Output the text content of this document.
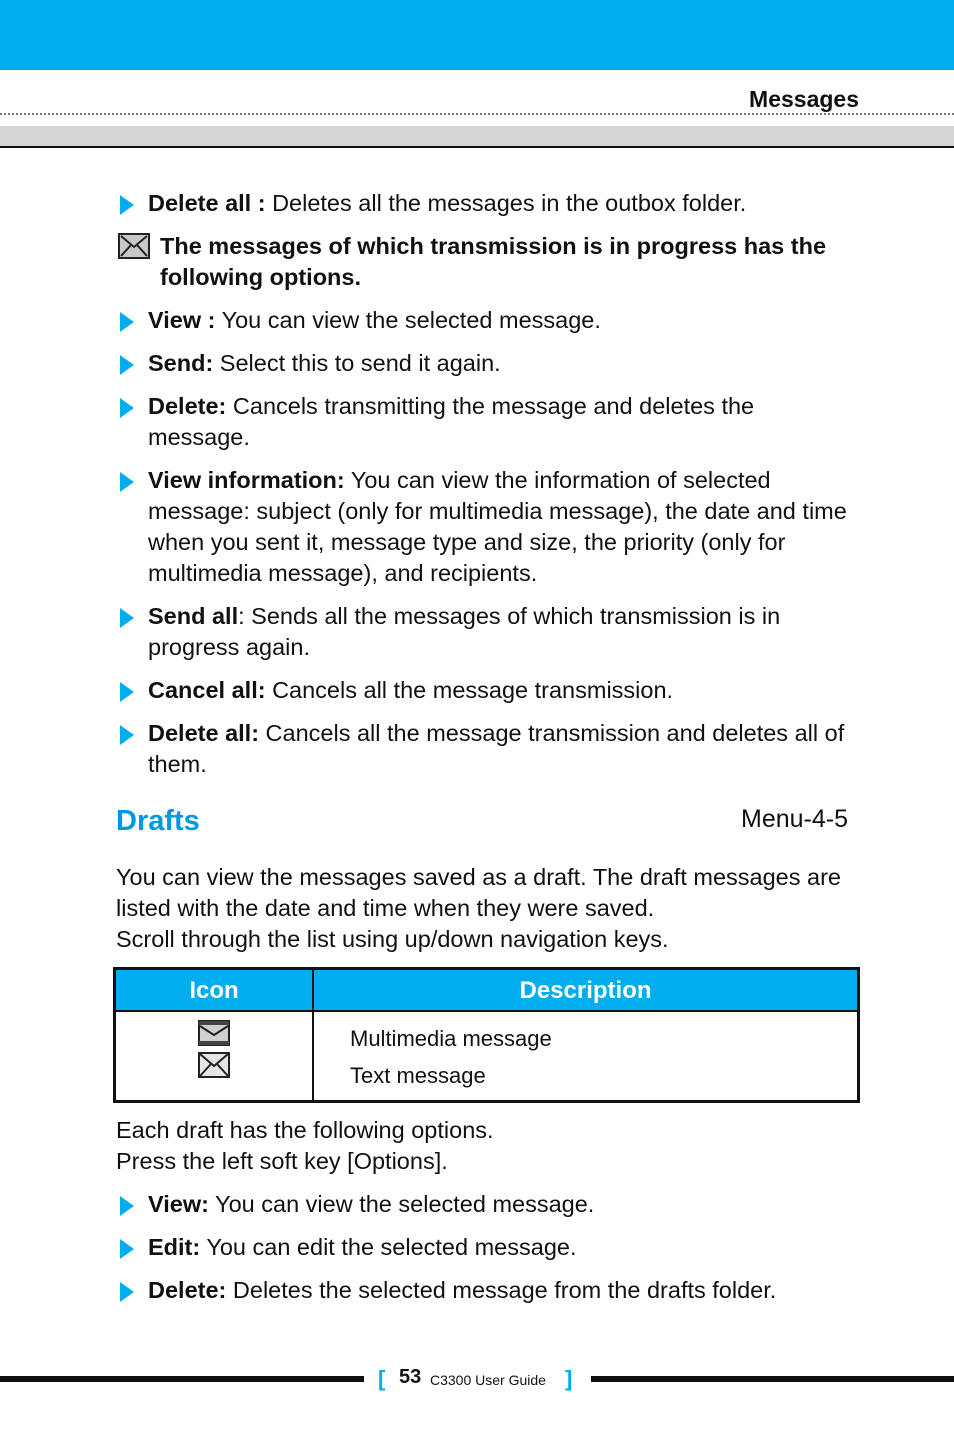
Messages
Delete all : Deletes all the messages in the outbox folder.
The messages of which transmission is in progress has the following options.
View : You can view the selected message.
Send: Select this to send it again.
Delete: Cancels transmitting the message and deletes the message.
View information: You can view the information of selected message: subject (only for multimedia message), the date and time when you sent it, message type and size, the priority (only for multimedia message), and recipients.
Send all: Sends all the messages of which transmission is in progress again.
Cancel all: Cancels all the message transmission.
Delete all: Cancels all the message transmission and deletes all of them.
Drafts	Menu-4-5

You can view the messages saved as a draft. The draft messages are listed with the date and time when they were saved.

Scroll through the list using up/down navigation keys.

Icon	Description

Multimedia message
Text message

Each draft has the following options.

Press the left soft key [Options].

View: You can view the selected message.
Edit: You can edit the selected message.
Delete: Deletes the selected message from the drafts folder.
[ 53 C3300 User Guide ]
